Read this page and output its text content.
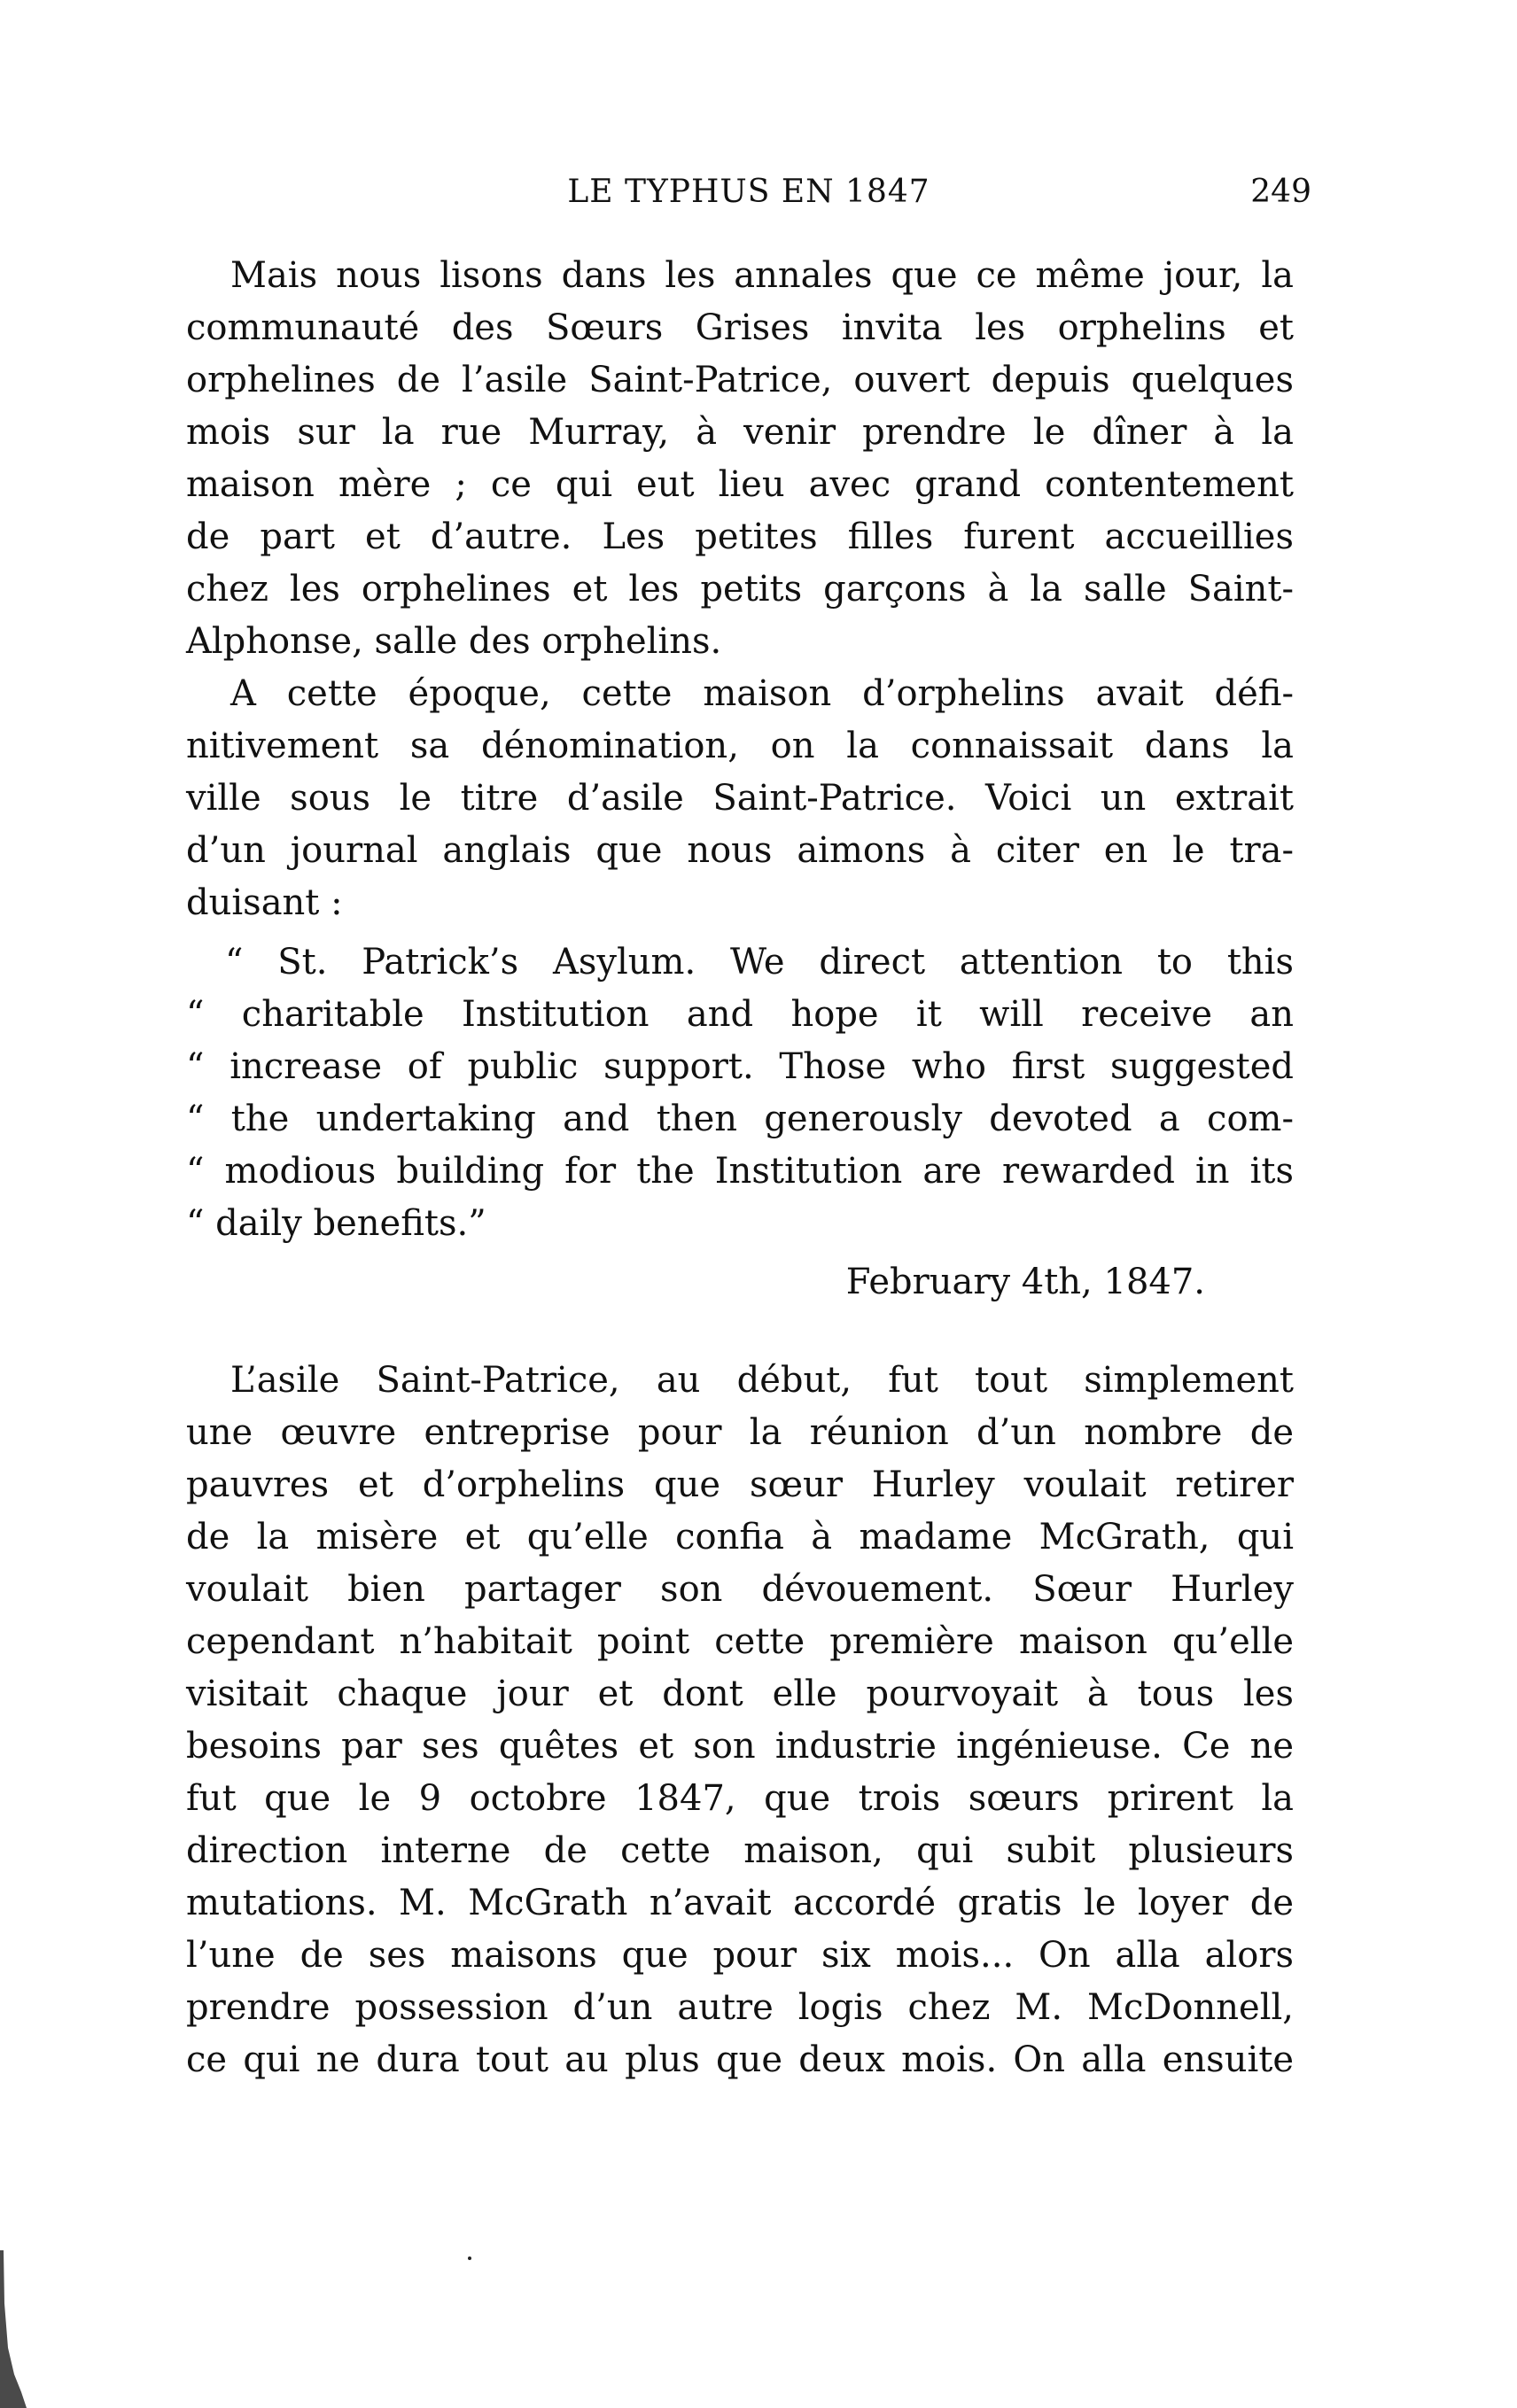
LE TYPHUS EN 1847	249
Mais nous lisons dans les annales que ce même jour, la
communauté des Sœurs Grises invita les orphelins et
orphelines de l’asile Saint-Patrice, ouvert depuis quelques
mois sur la rue Murray, à venir prendre le dîner à la
maison mère ; ce qui eut lieu avec grand contentement
de part et d’autre. Les petites filles furent accueillies
chez les orphelines et les petits garçons à la salle Saint-
Alphonse, salle des orphelins.
A cette époque, cette maison d’orphelins avait défi-
nitivement sa dénomination, on la connaissait dans la
ville sous le titre d’asile Saint-Patrice. Voici un extrait
d’un journal anglais que nous aimons à citer en le tra-
duisant :
“ St. Patrick’s Asylum. We direct attention to this
“ charitable Institution and hope it will receive an
“ increase of public support. Those who first suggested
“ the undertaking and then generously devoted a com-
“ modious building for the Institution are rewarded in its
“ daily benefits.”
February 4th, 1847.
L’asile Saint-Patrice, au début, fut tout simplement
une œuvre entreprise pour la réunion d’un nombre de
pauvres et d’orphelins que sœur Hurley voulait retirer
de la misère et qu’elle confia à madame McGrath, qui
voulait bien partager son dévouement. Sœur Hurley
cependant n’habitait point cette première maison qu’elle
visitait chaque jour et dont elle pourvoyait à tous les
besoins par ses quêtes et son industrie ingénieuse. Ce ne
fut que le 9 octobre 1847, que trois sœurs prirent la
direction interne de cette maison, qui subit plusieurs
mutations. M. McGrath n’avait accordé gratis le loyer de
l’une de ses maisons que pour six mois... On alla alors
prendre possession d’un autre logis chez M. McDonnell,
ce qui ne dura tout au plus que deux mois. On alla ensuite
